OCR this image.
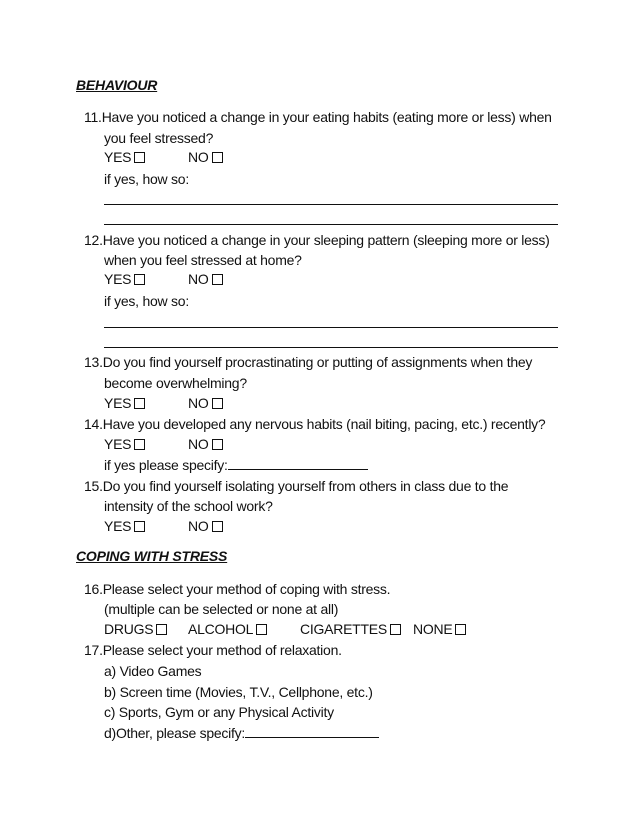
BEHAVIOUR
11.Have you noticed a change in your eating habits (eating more or less) when
you feel stressed?
YES	NO
if yes, how so:
12.Have you noticed a change in your sleeping pattern (sleeping more or less)
when you feel stressed at home?
YES	NO
if yes, how so:
13.Do you find yourself procrastinating or putting of assignments when they
become overwhelming?
YES	NO
14.Have you developed any nervous habits (nail biting, pacing, etc.) recently?
YES	NO
if yes please specify:
15.Do you find yourself isolating yourself from others in class due to the
intensity of the school work?
YES	NO
COPING WITH STRESS
16.Please select your method of coping with stress.
(multiple can be selected or none at all)
DRUGS	ALCOHOL	CIGARETTES	NONE
17.Please select your method of relaxation.
a) Video Games
b) Screen time (Movies, T.V., Cellphone, etc.)
c) Sports, Gym or any Physical Activity
d)Other, please specify:
